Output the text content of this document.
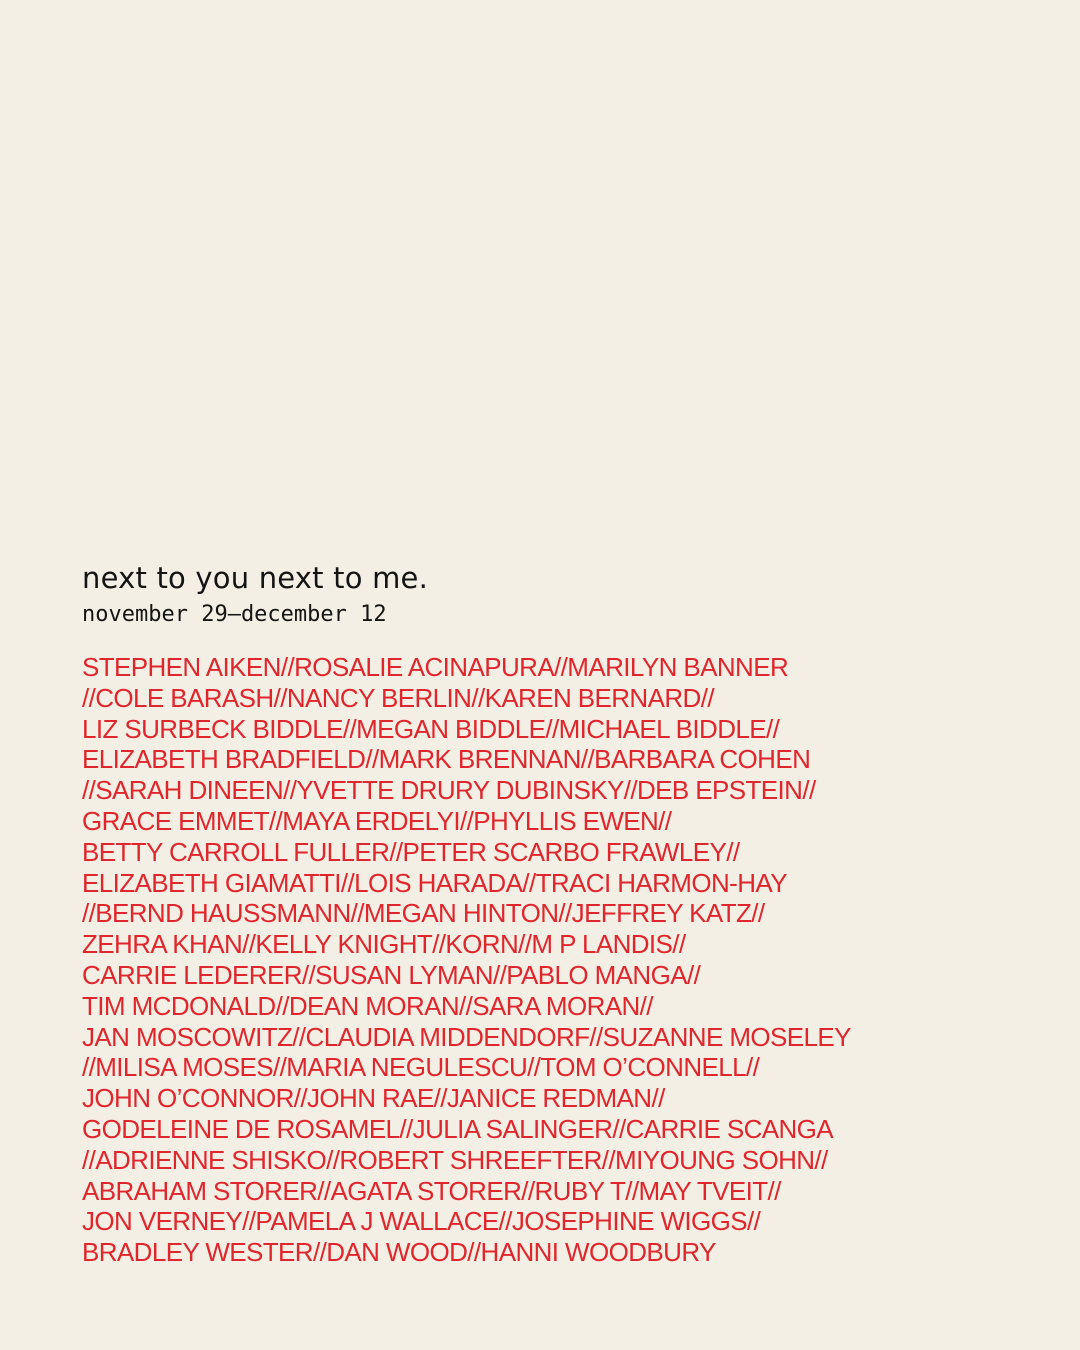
next to you next to me.

november 29–december 12

STEPHEN AIKEN//ROSALIE ACINAPURA//MARILYN BANNER
//COLE BARASH//NANCY BERLIN//KAREN BERNARD//
LIZ SURBECK BIDDLE//MEGAN BIDDLE//MICHAEL BIDDLE//
ELIZABETH BRADFIELD//MARK BRENNAN//BARBARA COHEN
//SARAH DINEEN//YVETTE DRURY DUBINSKY//DEB EPSTEIN//
GRACE EMMET//MAYA ERDELYI//PHYLLIS EWEN//
BETTY CARROLL FULLER//PETER SCARBO FRAWLEY//
ELIZABETH GIAMATTI//LOIS HARADA//TRACI HARMON-HAY
//BERND HAUSSMANN//MEGAN HINTON//JEFFREY KATZ//
ZEHRA KHAN//KELLY KNIGHT//KORN//M P LANDIS//
CARRIE LEDERER//SUSAN LYMAN//PABLO MANGA//
TIM MCDONALD//DEAN MORAN//SARA MORAN//
JAN MOSCOWITZ//CLAUDIA MIDDENDORF//SUZANNE MOSELEY
//MILISA MOSES//MARIA NEGULESCU//TOM O’CONNELL//
JOHN O’CONNOR//JOHN RAE//JANICE REDMAN//
GODELEINE DE ROSAMEL//JULIA SALINGER//CARRIE SCANGA
//ADRIENNE SHISKO//ROBERT SHREEFTER//MIYOUNG SOHN//
ABRAHAM STORER//AGATA STORER//RUBY T//MAY TVEIT//
JON VERNEY//PAMELA J WALLACE//JOSEPHINE WIGGS//
BRADLEY WESTER//DAN WOOD//HANNI WOODBURY
